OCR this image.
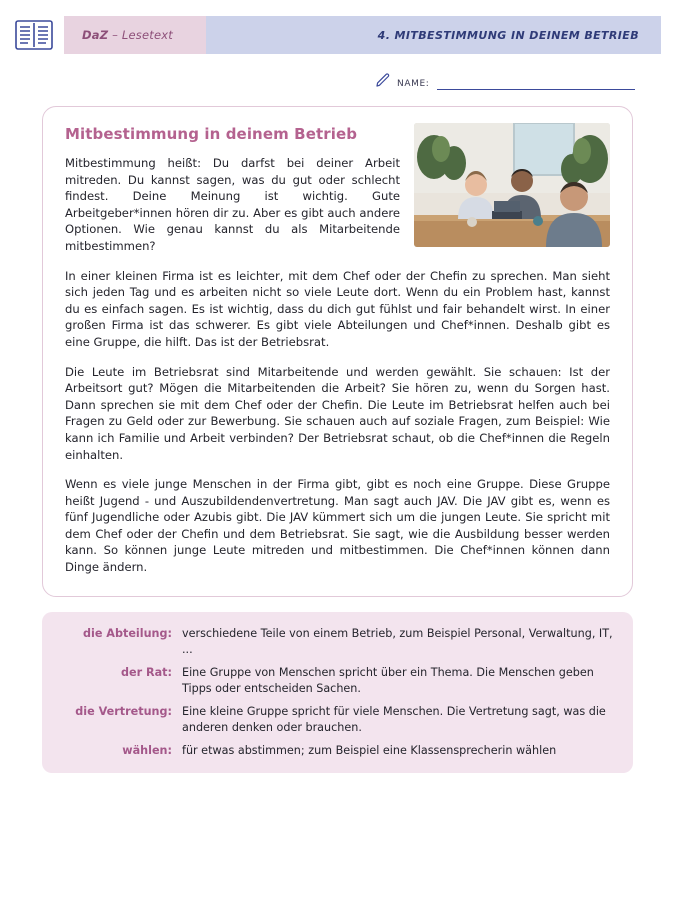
DaZ – Lesetext	4. MITBESTIMMUNG IN DEINEM BETRIEB
NAME:
Mitbestimmung in deinem Betrieb

Mitbestimmung heißt: Du darfst bei deiner Arbeit mitreden. Du kannst sagen, was du gut oder schlecht findest. Deine Meinung ist wichtig. Gute Arbeitgeber*innen hören dir zu. Aber es gibt auch andere Optionen. Wie genau kannst du als Mitarbeitende mitbestimmen?

In einer kleinen Firma ist es leichter, mit dem Chef oder der Chefin zu sprechen. Man sieht sich jeden Tag und es arbeiten nicht so viele Leute dort. Wenn du ein Problem hast, kannst du es einfach sagen. Es ist wichtig, dass du dich gut fühlst und fair behandelt wirst. In einer großen Firma ist das schwerer. Es gibt viele Abteilungen und Chef*innen. Deshalb gibt es eine Gruppe, die hilft. Das ist der Betriebsrat.

Die Leute im Betriebsrat sind Mitarbeitende und werden gewählt. Sie schauen: Ist der Arbeitsort gut? Mögen die Mitarbeitenden die Arbeit? Sie hören zu, wenn du Sorgen hast. Dann sprechen sie mit dem Chef oder der Chefin. Die Leute im Betriebsrat helfen auch bei Fragen zu Geld oder zur Bewerbung. Sie schauen auch auf soziale Fragen, zum Beispiel: Wie kann ich Familie und Arbeit verbinden? Der Betriebsrat schaut, ob die Chef*innen die Regeln einhalten.

Wenn es viele junge Menschen in der Firma gibt, gibt es noch eine Gruppe. Diese Gruppe heißt Jugend - und Auszubildendenvertretung. Man sagt auch JAV. Die JAV gibt es, wenn es fünf Jugendliche oder Azubis gibt. Die JAV kümmert sich um die jungen Leute. Sie spricht mit dem Chef oder der Chefin und dem Betriebsrat. Sie sagt, wie die Ausbildung besser werden kann. So können junge Leute mitreden und mitbestimmen. Die Chef*innen können dann Dinge ändern.

die Abteilung: verschiedene Teile von einem Betrieb, zum Beispiel Personal, Verwaltung, IT, ...
der Rat: Eine Gruppe von Menschen spricht über ein Thema. Die Menschen geben Tipps oder entscheiden Sachen.
die Vertretung: Eine kleine Gruppe spricht für viele Menschen. Die Vertretung sagt, was die anderen denken oder brauchen.
wählen: für etwas abstimmen; zum Beispiel eine Klassensprecherin wählen
